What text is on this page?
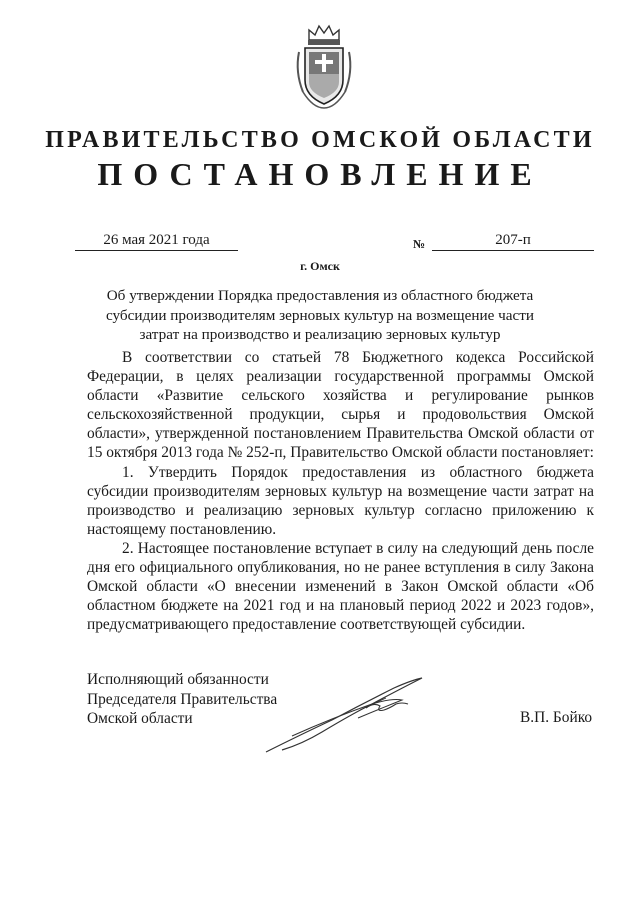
ПРАВИТЕЛЬСТВО ОМСКОЙ ОБЛАСТИ
ПОСТАНОВЛЕНИЕ
26 мая 2021 года	№	207-п
г. Омск
Об утверждении Порядка предоставления из областного бюджета субсидии производителям зерновых культур на возмещение части затрат на производство и реализацию зерновых культур

В соответствии со статьей 78 Бюджетного кодекса Российской Федерации, в целях реализации государственной программы Омской области «Развитие сельского хозяйства и регулирование рынков сельскохозяйственной продукции, сырья и продовольствия Омской области», утвержденной постановлением Правительства Омской области от 15 октября 2013 года № 252-п, Правительство Омской области постановляет:

1. Утвердить Порядок предоставления из областного бюджета субсидии производителям зерновых культур на возмещение части затрат на производство и реализацию зерновых культур согласно приложению к настоящему постановлению.

2. Настоящее постановление вступает в силу на следующий день после дня его официального опубликования, но не ранее вступления в силу Закона Омской области «О внесении изменений в Закон Омской области «Об областном бюджете на 2021 год и на плановый период 2022 и 2023 годов», предусматривающего предоставление соответствующей субсидии.

Исполняющий обязанности
Председателя Правительства
Омской области	В.П. Бойко
